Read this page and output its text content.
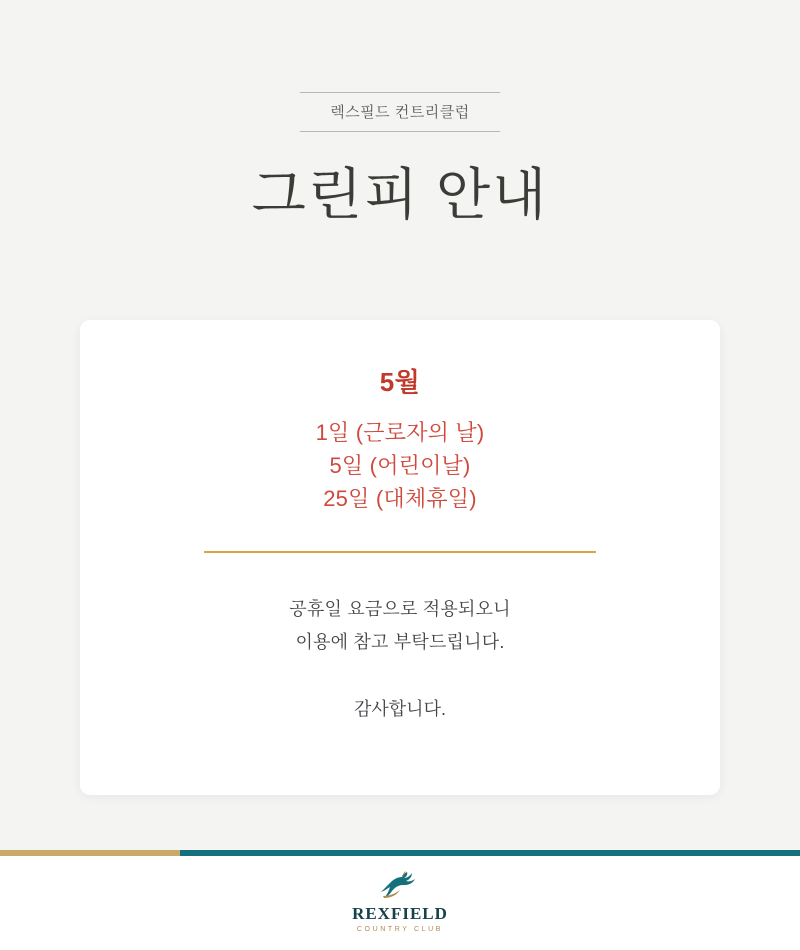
렉스필드 컨트리클럽
그린피 안내
5월
1일 (근로자의 날)
5일 (어린이날)
25일 (대체휴일)
공휴일 요금으로 적용되오니
이용에 참고 부탁드립니다.
감사합니다.
REXFIELD
COUNTRY CLUB
